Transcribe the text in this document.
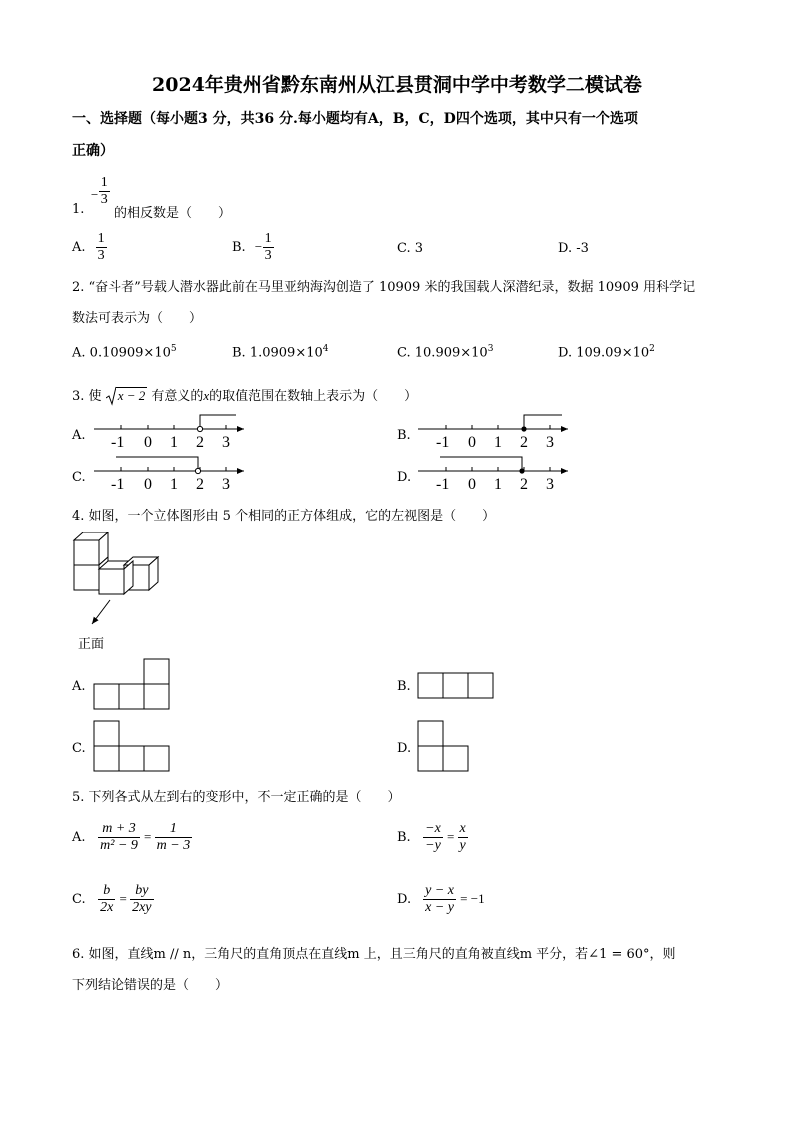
2024年贵州省黔东南州从江县贯洞中学中考数学二模试卷
一、选择题（每小题3 分，共36 分.每小题均有A，B，C，D四个选项，其中只有一个选项
正确）
− $\frac{1}{3}$
1. 的相反数是（　　）
A. $\frac{1}{3}$	B. − $\frac{1}{3}$	C. 3	D. -3
2. “奋斗者”号载人潜水器此前在马里亚纳海沟创造了 10909 米的我国载人深潜纪录，数据 10909 用科学记
数法可表示为（　　）
A. $0.10909\times 10^5$	B. $1.0909\times 10^4$	C. $10.909\times 10^3$	D. $109.09\times 10^2$
3. 使 x − 2 有意义的x的取值范围在数轴上表示为（　　）
A.	B.
C.	D.
-1 0 1 2 3	-1 0 1 2 3
-1 0 1 2 3	-1 0 1 2 3
4. 如图，一个立体图形由 5 个相同的正方体组成，它的左视图是（　　）
正面
A.	B.
C.	D.
5. 下列各式从左到右的变形中，不一定正确的是（　　）
A. $\frac{m + 3}{\text{m² − 9}} = \frac{1}{m - 3}$	B. $\frac{-x}{-y} = \frac{x}{y}$
C. $\frac{b}{2x} = \frac{by}{2xy}$	D. $\frac{y - x}{x - y} = -1$
6. 如图，直线m // n，三角尺的直角顶点在直线m 上，且三角尺的直角被直线m 平分，若∠1 = 60°，则
下列结论错误的是（　　）
